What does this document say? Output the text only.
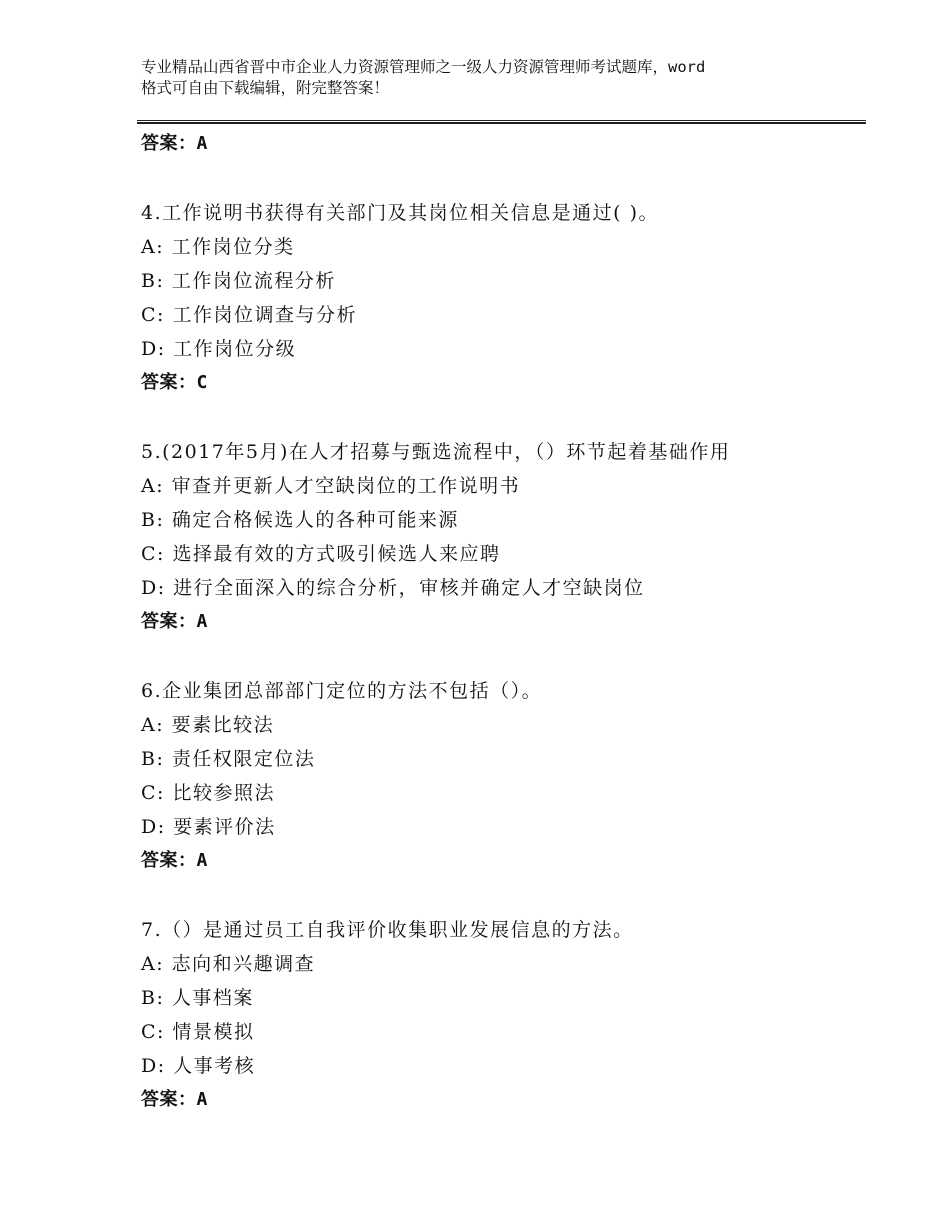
专业精品山西省晋中市企业人力资源管理师之一级人力资源管理师考试题库，word
格式可自由下载编辑，附完整答案！
答案：A
4.工作说明书获得有关部门及其岗位相关信息是通过( )。
A: 工作岗位分类
B: 工作岗位流程分析
C: 工作岗位调查与分析
D: 工作岗位分级
答案：C
5.(2017年5月)在人才招募与甄选流程中，（）环节起着基础作用
A: 审查并更新人才空缺岗位的工作说明书
B: 确定合格候选人的各种可能来源
C: 选择最有效的方式吸引候选人来应聘
D: 进行全面深入的综合分析，审核并确定人才空缺岗位
答案：A
6.企业集团总部部门定位的方法不包括（）。
A: 要素比较法
B: 责任权限定位法
C: 比较参照法
D: 要素评价法
答案：A
7.（）是通过员工自我评价收集职业发展信息的方法。
A: 志向和兴趣调查
B: 人事档案
C: 情景模拟
D: 人事考核
答案：A
